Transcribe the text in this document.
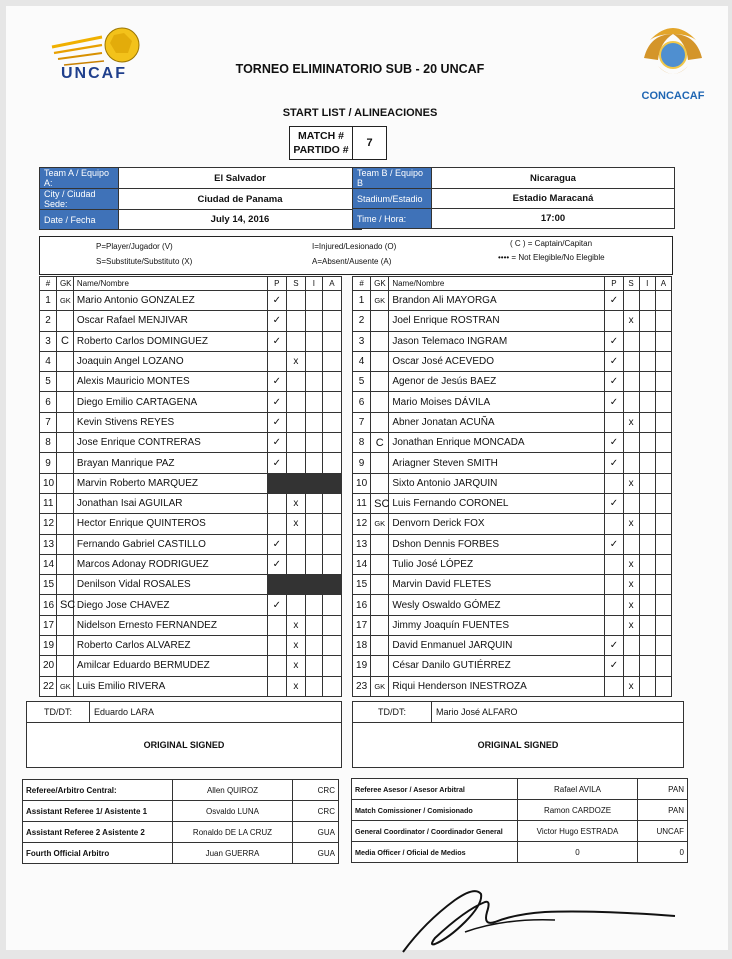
UNCAF
CONCACAF
TORNEO ELIMINATORIO SUB - 20 UNCAF
START LIST / ALINEACIONES
MATCH #
PARTIDO #
7
Team A / Equipo A:	El Salvador
City / Ciudad Sede:	Ciudad de Panama
Date / Fecha	July 14, 2016
Team B / Equipo B	Nicaragua
Stadium/Estadio	Estadio Maracaná
Time / Hora:	17:00
P=Player/Jugador (V)
S=Substitute/Substituto (X)
I=Injured/Lesionado (O)
A=Absent/Ausente (A)
( C ) = Captain/Capitan
•••• = Not Elegible/No Elegible
#	GK	Name/Nombre	P	S	I	A
1	GK	Mario Antonio GONZALEZ	✓			
2		Oscar Rafael MENJIVAR	✓			
3	C	Roberto Carlos DOMINGUEZ	✓			
4		Joaquin Angel LOZANO		x		
5		Alexis Mauricio MONTES	✓			
6		Diego Emilio CARTAGENA	✓			
7		Kevin Stivens REYES	✓			
8		Jose Enrique CONTRERAS	✓			
9		Brayan Manrique PAZ	✓			
10		Marvin Roberto MARQUEZ				
11		Jonathan Isai AGUILAR		x		
12		Hector Enrique QUINTEROS		x		
13		Fernando Gabriel CASTILLO	✓			
14		Marcos Adonay RODRIGUEZ	✓			
15		Denilson Vidal ROSALES				
16	SC	Diego Jose CHAVEZ	✓			
17		Nidelson Ernesto FERNANDEZ		x		
19		Roberto Carlos ALVAREZ		x		
20		Amilcar Eduardo BERMUDEZ		x		
22	GK	Luis Emilio RIVERA		x		
#	GK	Name/Nombre	P	S	I	A
1	GK	Brandon Ali MAYORGA	✓			
2		Joel Enrique ROSTRAN		x		
3		Jason Telemaco INGRAM	✓			
4		Oscar José ACEVEDO	✓			
5		Agenor de Jesús BAEZ	✓			
6		Mario Moises DÁVILA	✓			
7		Abner Jonatan ACUÑA		x		
8	C	Jonathan Enrique MONCADA	✓			
9		Ariagner Steven SMITH	✓			
10		Sixto Antonio JARQUIN		x		
11	SC	Luis Fernando CORONEL	✓			
12	GK	Denvorn Derick FOX		x		
13		Dshon Dennis FORBES	✓			
14		Tulio José LÓPEZ		x		
15		Marvin David FLETES		x		
16		Wesly Oswaldo GÓMEZ		x		
17		Jimmy Joaquín FUENTES		x		
18		David Enmanuel JARQUIN	✓			
19		César Danilo GUTIÉRREZ	✓			
23	GK	Riqui Henderson INESTROZA		x		
TD/DT:	Eduardo LARA
ORIGINAL SIGNED
TD/DT:	Mario José ALFARO
ORIGINAL SIGNED
Referee/Arbitro Central:	Allen QUIROZ	CRC
Assistant Referee 1/ Asistente 1	Osvaldo LUNA	CRC
Assistant Referee 2 Asistente 2	Ronaldo DE LA CRUZ	GUA
Fourth Official Arbitro	Juan GUERRA	GUA
Referee Asesor / Asesor Arbitral	Rafael AVILA	PAN
Match Comissioner / Comisionado	Ramon CARDOZE	PAN
General Coordinator / Coordinador General	Victor Hugo ESTRADA	UNCAF
Media Officer / Oficial de Medios	0	0
